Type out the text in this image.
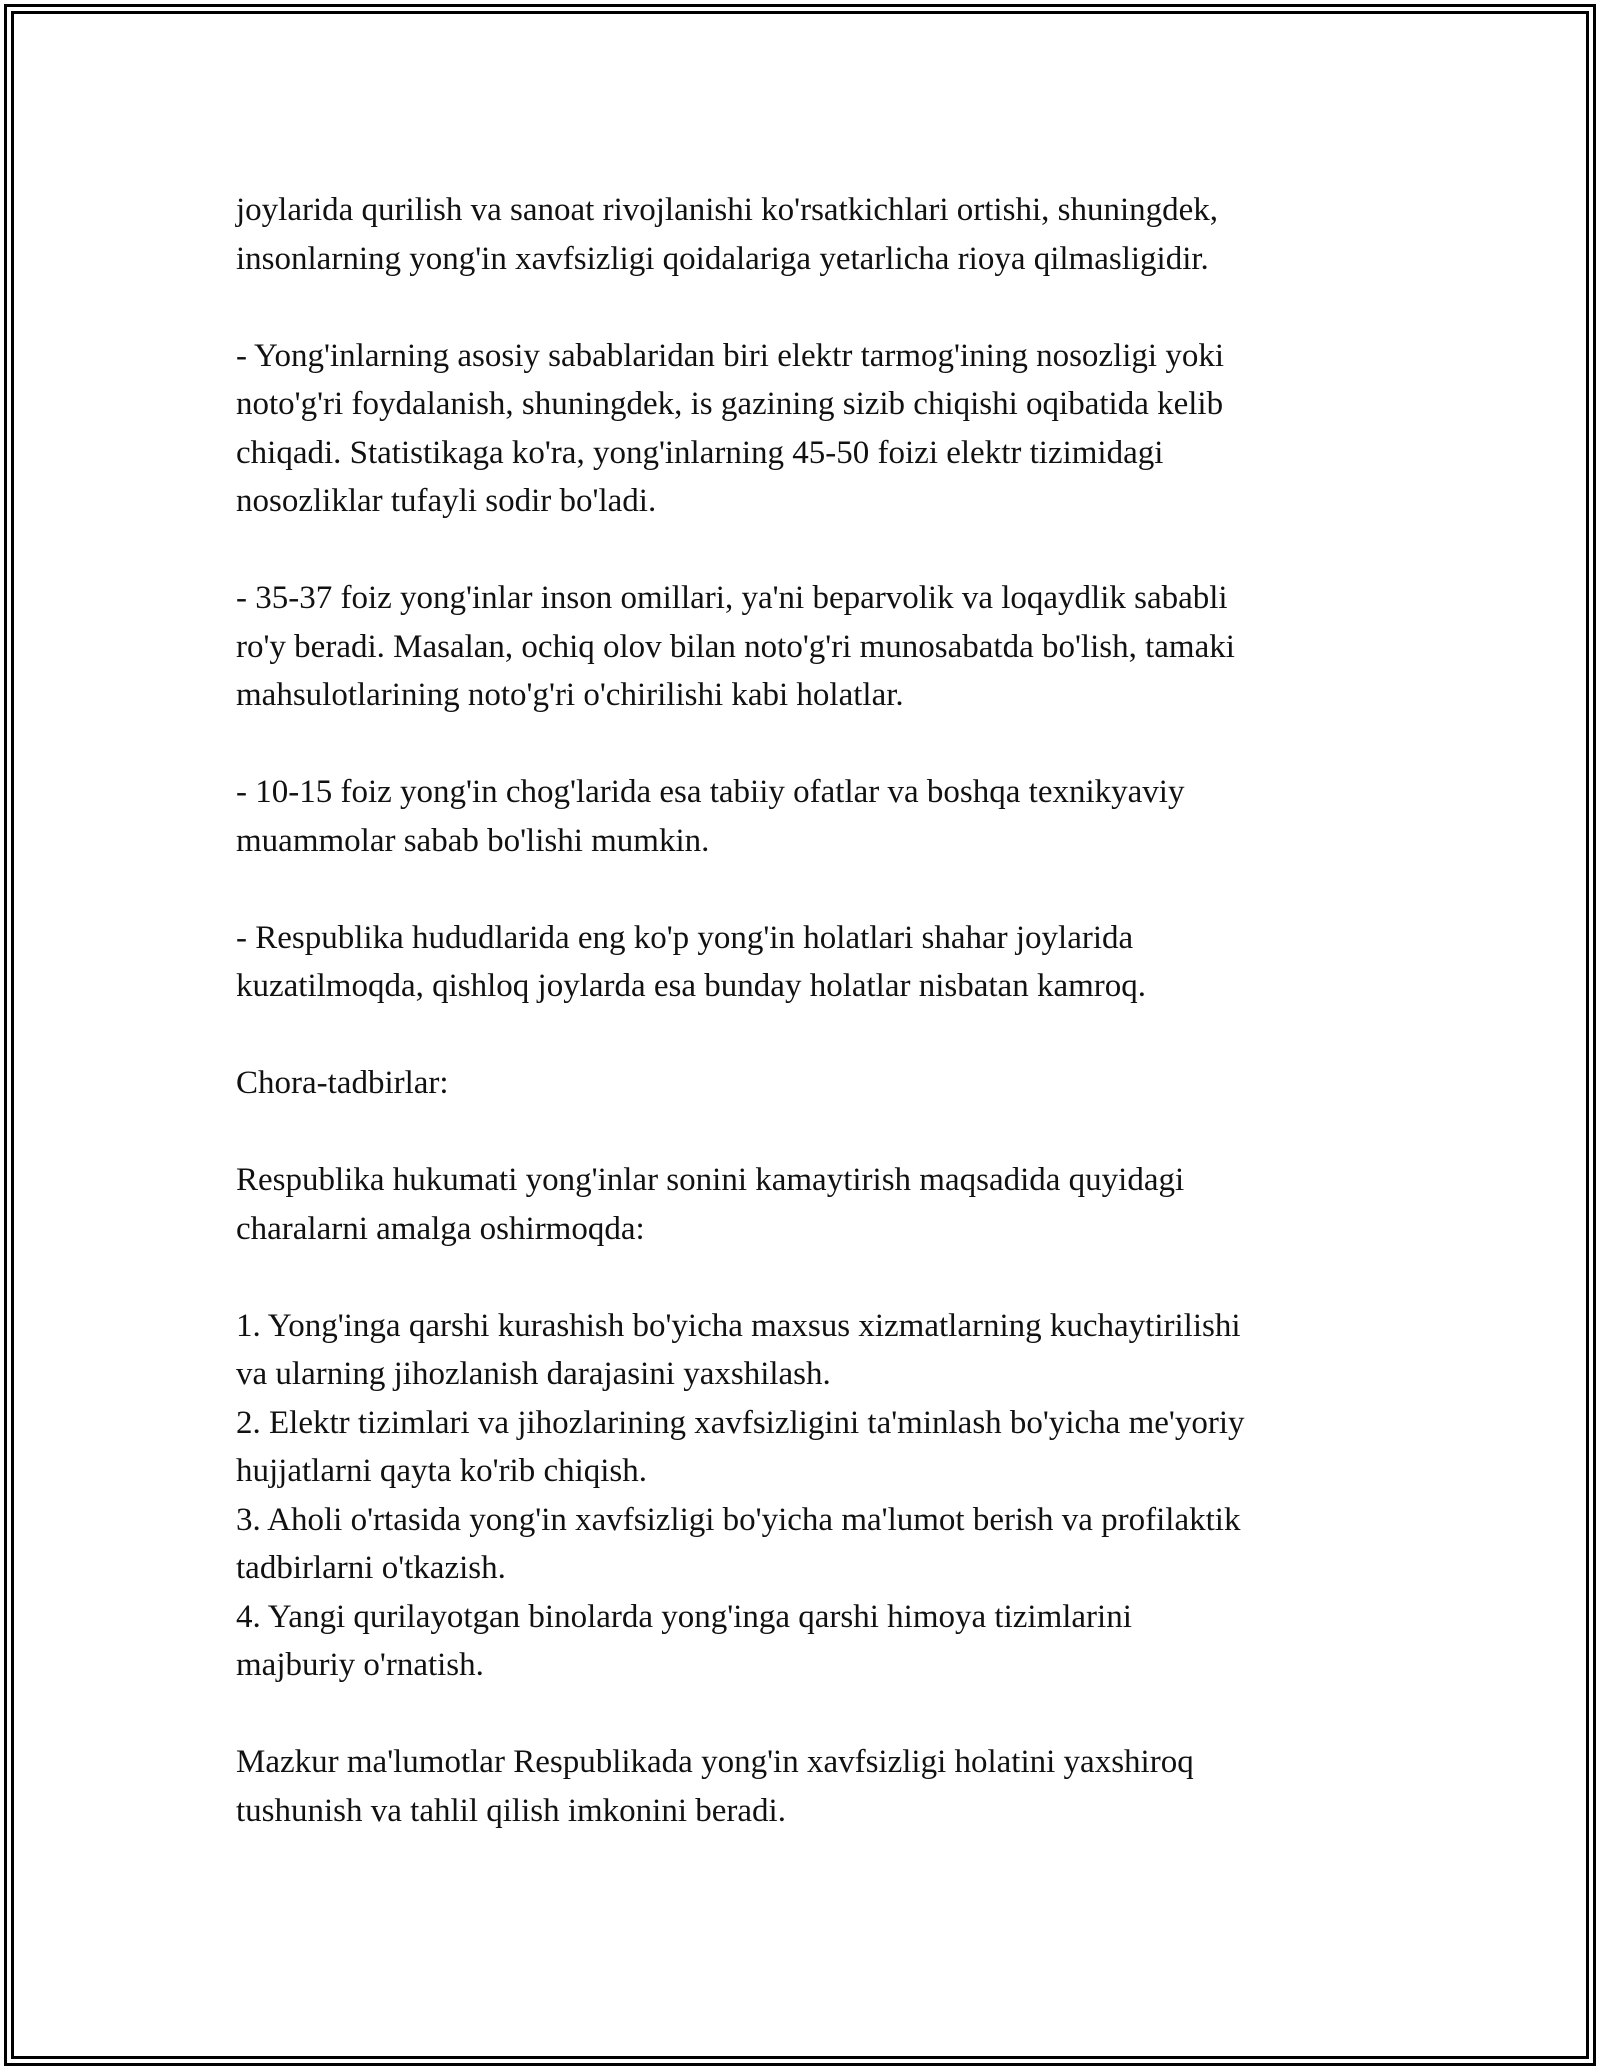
joylarida qurilish va sanoat rivojlanishi ko'rsatkichlari ortishi, shuningdek,
insonlarning yong'in xavfsizligi qoidalariga yetarlicha rioya qilmasligidir.

- Yong'inlarning asosiy sabablaridan biri elektr tarmog'ining nosozligi yoki
noto'g'ri foydalanish, shuningdek, is gazining sizib chiqishi oqibatida kelib
chiqadi. Statistikaga ko'ra, yong'inlarning 45-50 foizi elektr tizimidagi
nosozliklar tufayli sodir bo'ladi.

- 35-37 foiz yong'inlar inson omillari, ya'ni beparvolik va loqaydlik sababli
ro'y beradi. Masalan, ochiq olov bilan noto'g'ri munosabatda bo'lish, tamaki
mahsulotlarining noto'g'ri o'chirilishi kabi holatlar.

- 10-15 foiz yong'in chog'larida esa tabiiy ofatlar va boshqa texnikyaviy
muammolar sabab bo'lishi mumkin.

- Respublika hududlarida eng ko'p yong'in holatlari shahar joylarida
kuzatilmoqda, qishloq joylarda esa bunday holatlar nisbatan kamroq.

Chora-tadbirlar:

Respublika hukumati yong'inlar sonini kamaytirish maqsadida quyidagi
charalarni amalga oshirmoqda:

1. Yong'inga qarshi kurashish bo'yicha maxsus xizmatlarning kuchaytirilishi
va ularning jihozlanish darajasini yaxshilash.

2. Elektr tizimlari va jihozlarining xavfsizligini ta'minlash bo'yicha me'yoriy
hujjatlarni qayta ko'rib chiqish.

3. Aholi o'rtasida yong'in xavfsizligi bo'yicha ma'lumot berish va profilaktik
tadbirlarni o'tkazish.

4. Yangi qurilayotgan binolarda yong'inga qarshi himoya tizimlarini
majburiy o'rnatish.

Mazkur ma'lumotlar Respublikada yong'in xavfsizligi holatini yaxshiroq
tushunish va tahlil qilish imkonini beradi.
